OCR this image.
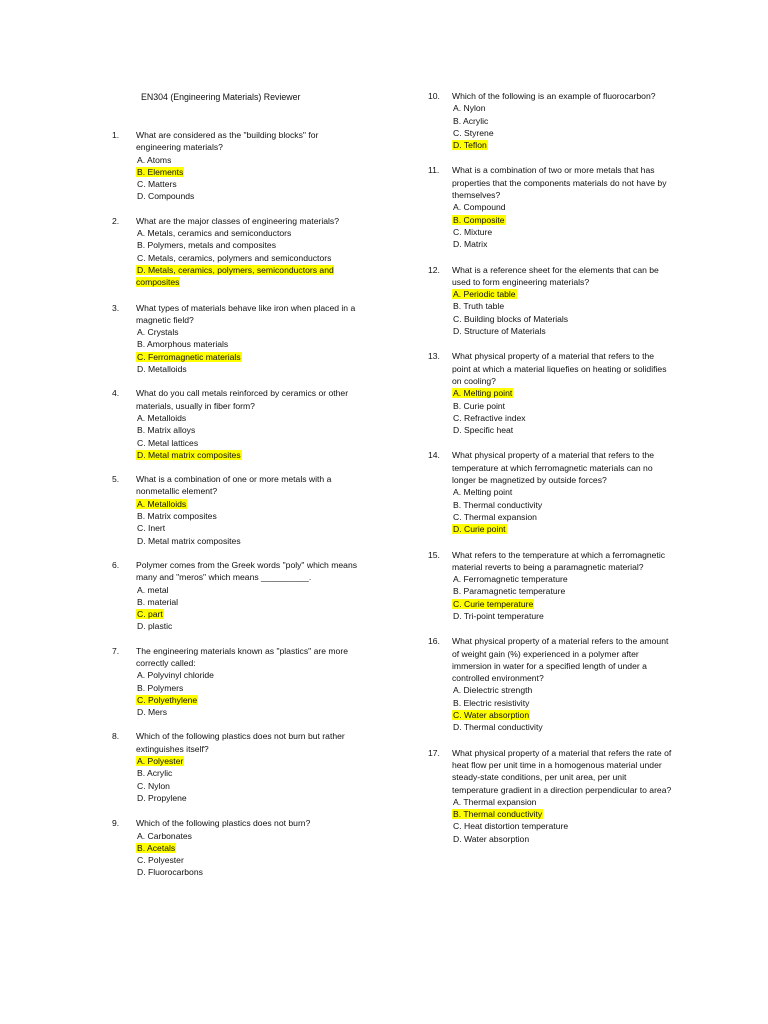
EN304 (Engineering Materials) Reviewer
1.	What are considered as the "building blocks" for engineering materials?
A. Atoms
B. Elements
C. Matters
D. Compounds
2.	What are the major classes of engineering materials?
A. Metals, ceramics and semiconductors
B. Polymers, metals and composites
C. Metals, ceramics, polymers and semiconductors
D. Metals, ceramics, polymers, semiconductors and composites
3.	What types of materials behave like iron when placed in a magnetic field?
A. Crystals
B. Amorphous materials
C. Ferromagnetic materials
D. Metalloids
4.	What do you call metals reinforced by ceramics or other materials, usually in fiber form?
A. Metalloids
B. Matrix alloys
C. Metal lattices
D. Metal matrix composites
5.	What is a combination of one or more metals with a nonmetallic element?
A. Metalloids
B. Matrix composites
C. Inert
D. Metal matrix composites
6.	Polymer comes from the Greek words "poly" which means many and "meros" which means __________.
A. metal
B. material
C. part
D. plastic
7.	The engineering materials known as "plastics" are more correctly called:
A. Polyvinyl chloride
B. Polymers
C. Polyethylene
D. Mers
8.	Which of the following plastics does not burn but rather extinguishes itself?
A. Polyester
B. Acrylic
C. Nylon
D. Propylene
9.	Which of the following plastics does not burn?
A. Carbonates
B. Acetals
C. Polyester
D. Fluorocarbons
10.	Which of the following is an example of fluorocarbon?
A. Nylon
B. Acrylic
C. Styrene
D. Teflon
11.	What is a combination of two or more metals that has properties that the components materials do not have by themselves?
A. Compound
B. Composite
C. Mixture
D. Matrix
12.	What is a reference sheet for the elements that can be used to form engineering materials?
A. Periodic table
B. Truth table
C. Building blocks of Materials
D. Structure of Materials
13.	What physical property of a material that refers to the point at which a material liquefies on heating or solidifies on cooling?
A. Melting point
B. Curie point
C. Refractive index
D. Specific heat
14.	What physical property of a material that refers to the temperature at which ferromagnetic materials can no longer be magnetized by outside forces?
A. Melting point
B. Thermal conductivity
C. Thermal expansion
D. Curie point
15.	What refers to the temperature at which a ferromagnetic material reverts to being a paramagnetic material?
A. Ferromagnetic temperature
B. Paramagnetic temperature
C. Curie temperature
D. Tri-point temperature
16.	What physical property of a material refers to the amount of weight gain (%) experienced in a polymer after immersion in water for a specified length of under a controlled environment?
A. Dielectric strength
B. Electric resistivity
C. Water absorption
D. Thermal conductivity
17.	What physical property of a material that refers the rate of heat flow per unit time in a homogenous material under steady-state conditions, per unit area, per unit temperature gradient in a direction perpendicular to area?
A. Thermal expansion
B. Thermal conductivity
C. Heat distortion temperature
D. Water absorption
